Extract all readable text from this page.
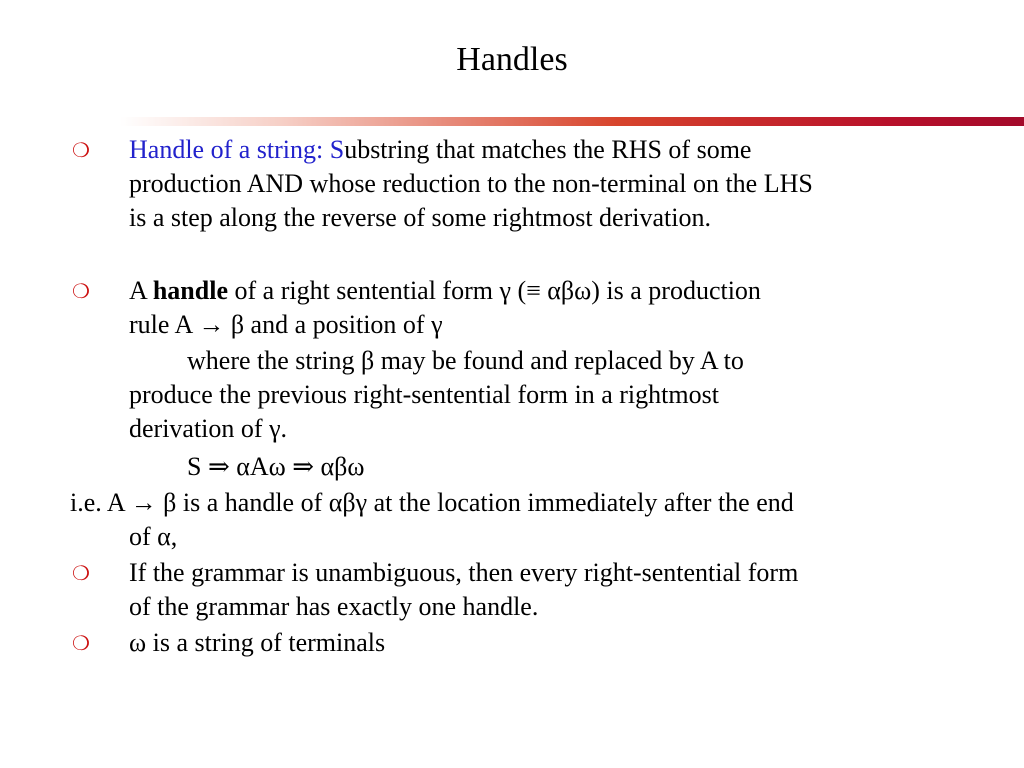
Handles
❍ Handle of a string: Substring that matches the RHS of some
production AND whose reduction to the non-terminal on the LHS
is a step along the reverse of some rightmost derivation.
❍ A handle of a right sentential form γ (≡ αβω) is a production
rule A → β and a position of γ
where the string β may be found and replaced by A to
produce the previous right-sentential form in a rightmost
derivation of γ.
S ⇒ αAω ⇒ αβω
i.e. A → β is a handle of αβγ at the location immediately after the end
of α,
❍ If the grammar is unambiguous, then every right-sentential form
of the grammar has exactly one handle.
❍ ω is a string of terminals
